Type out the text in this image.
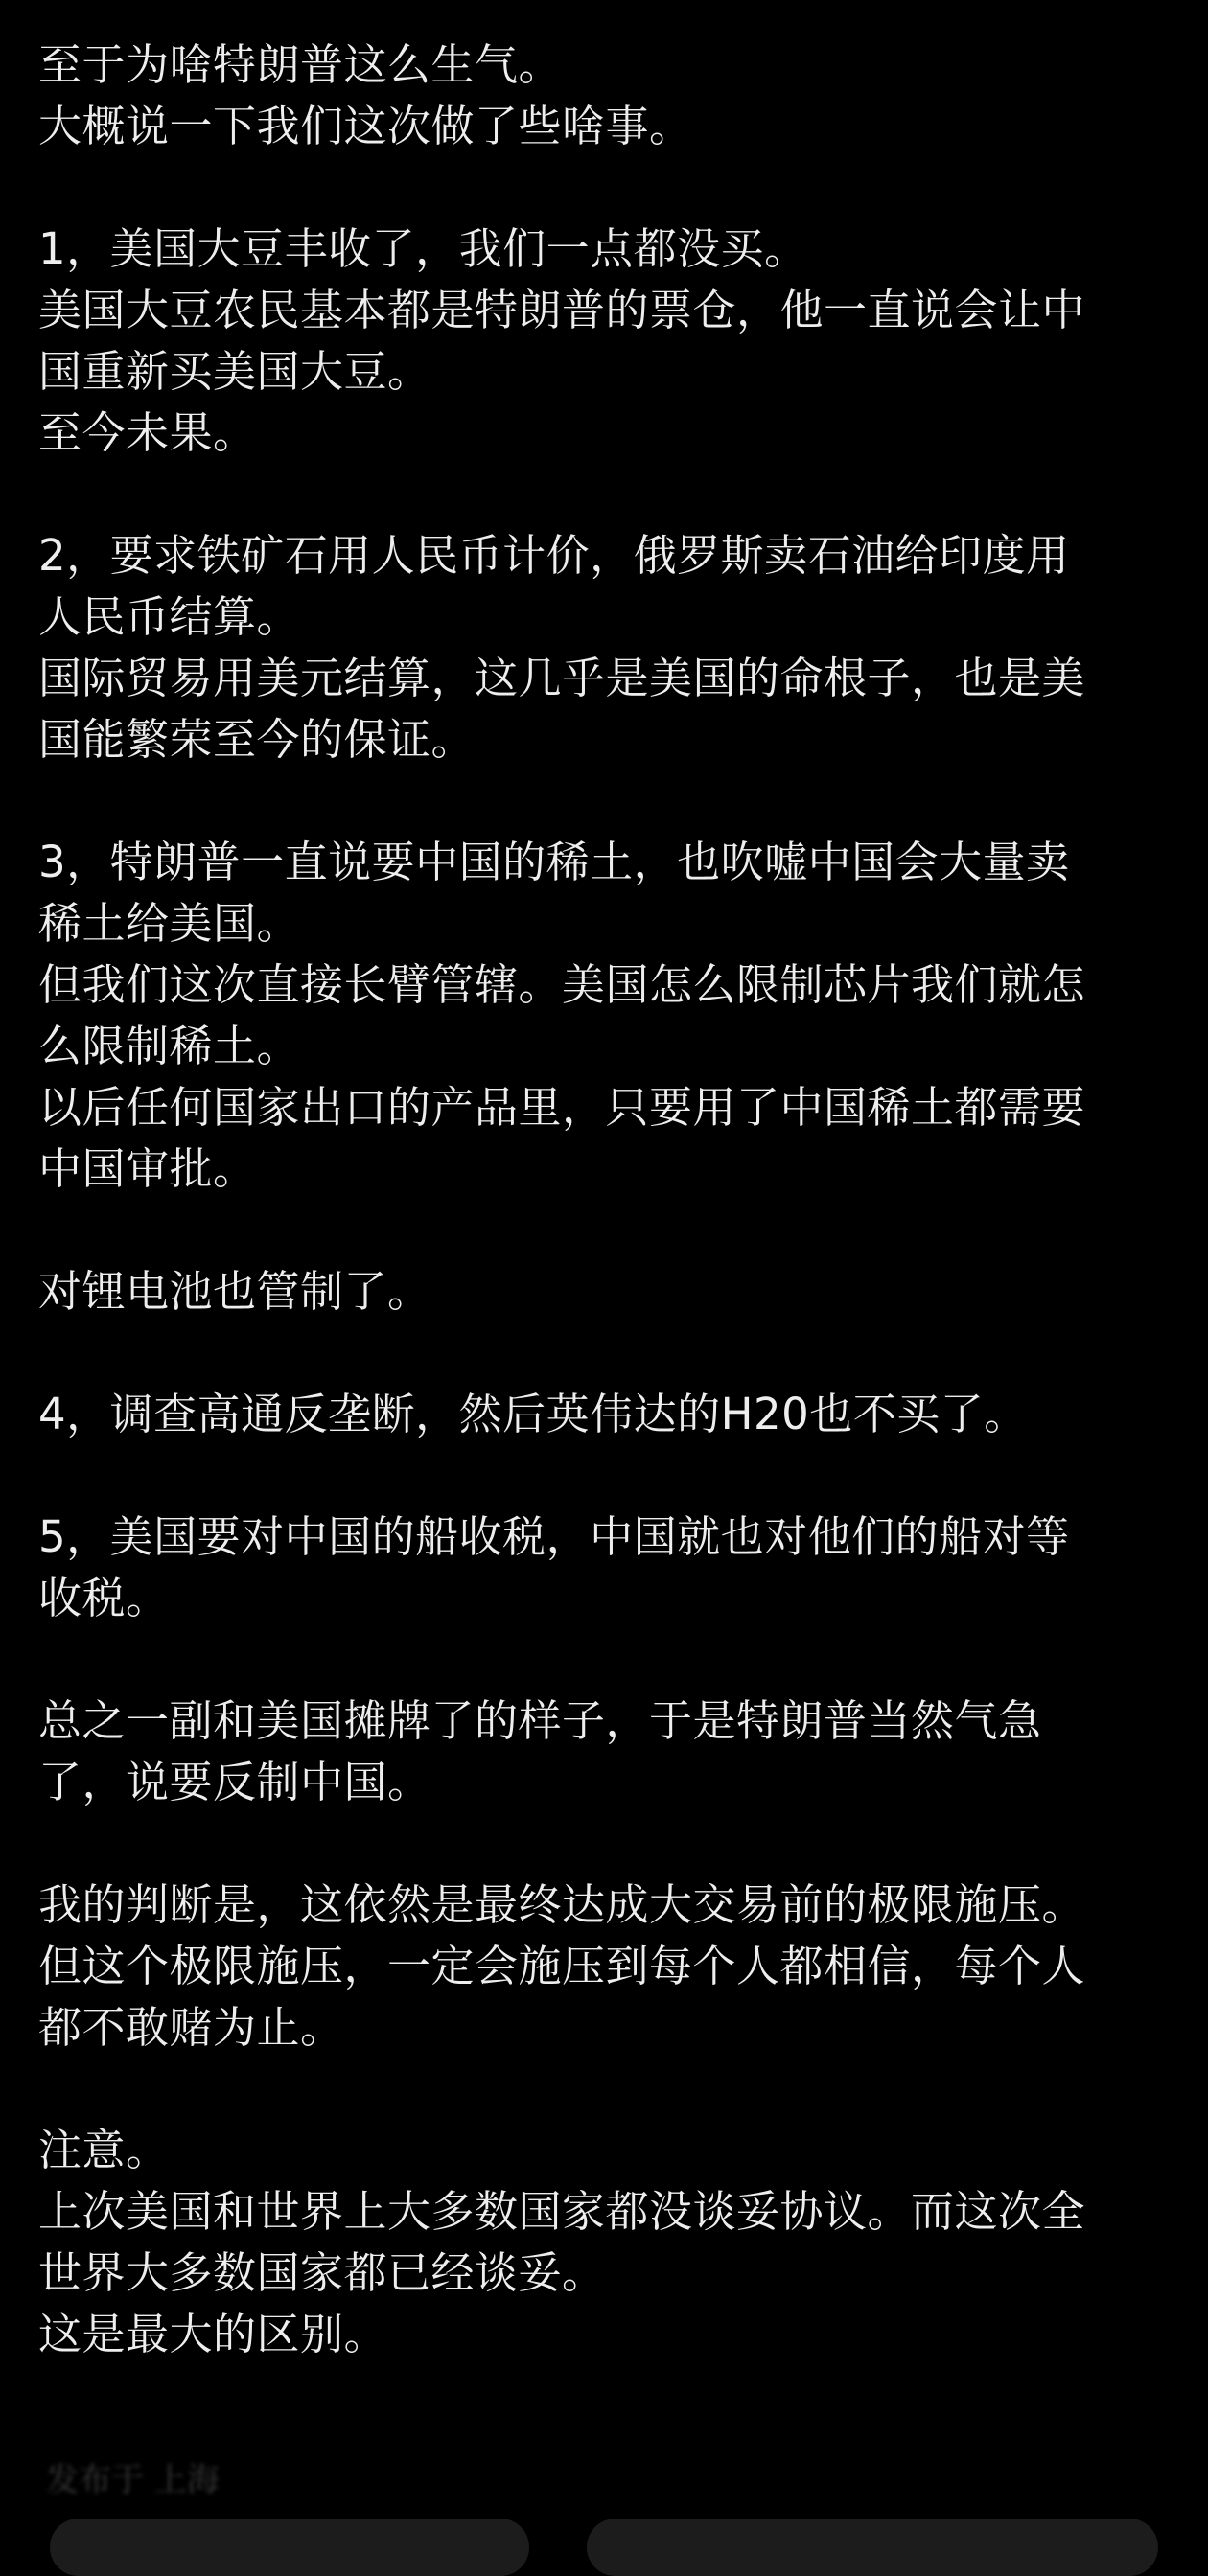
至于为啥特朗普这么生气。
大概说一下我们这次做了些啥事。
1，美国大豆丰收了，我们一点都没买。
美国大豆农民基本都是特朗普的票仓，他一直说会让中
国重新买美国大豆。
至今未果。
2，要求铁矿石用人民币计价，俄罗斯卖石油给印度用
人民币结算。
国际贸易用美元结算，这几乎是美国的命根子，也是美
国能繁荣至今的保证。
3，特朗普一直说要中国的稀土，也吹嘘中国会大量卖
稀土给美国。
但我们这次直接长臂管辖。美国怎么限制芯片我们就怎
么限制稀土。
以后任何国家出口的产品里，只要用了中国稀土都需要
中国审批。
对锂电池也管制了。
4，调查高通反垄断，然后英伟达的H20也不买了。
5，美国要对中国的船收税，中国就也对他们的船对等
收税。
总之一副和美国摊牌了的样子，于是特朗普当然气急
了，说要反制中国。
我的判断是，这依然是最终达成大交易前的极限施压。
但这个极限施压，一定会施压到每个人都相信，每个人
都不敢赌为止。
注意。
上次美国和世界上大多数国家都没谈妥协议。而这次全
世界大多数国家都已经谈妥。
这是最大的区别。
发布于 上海
